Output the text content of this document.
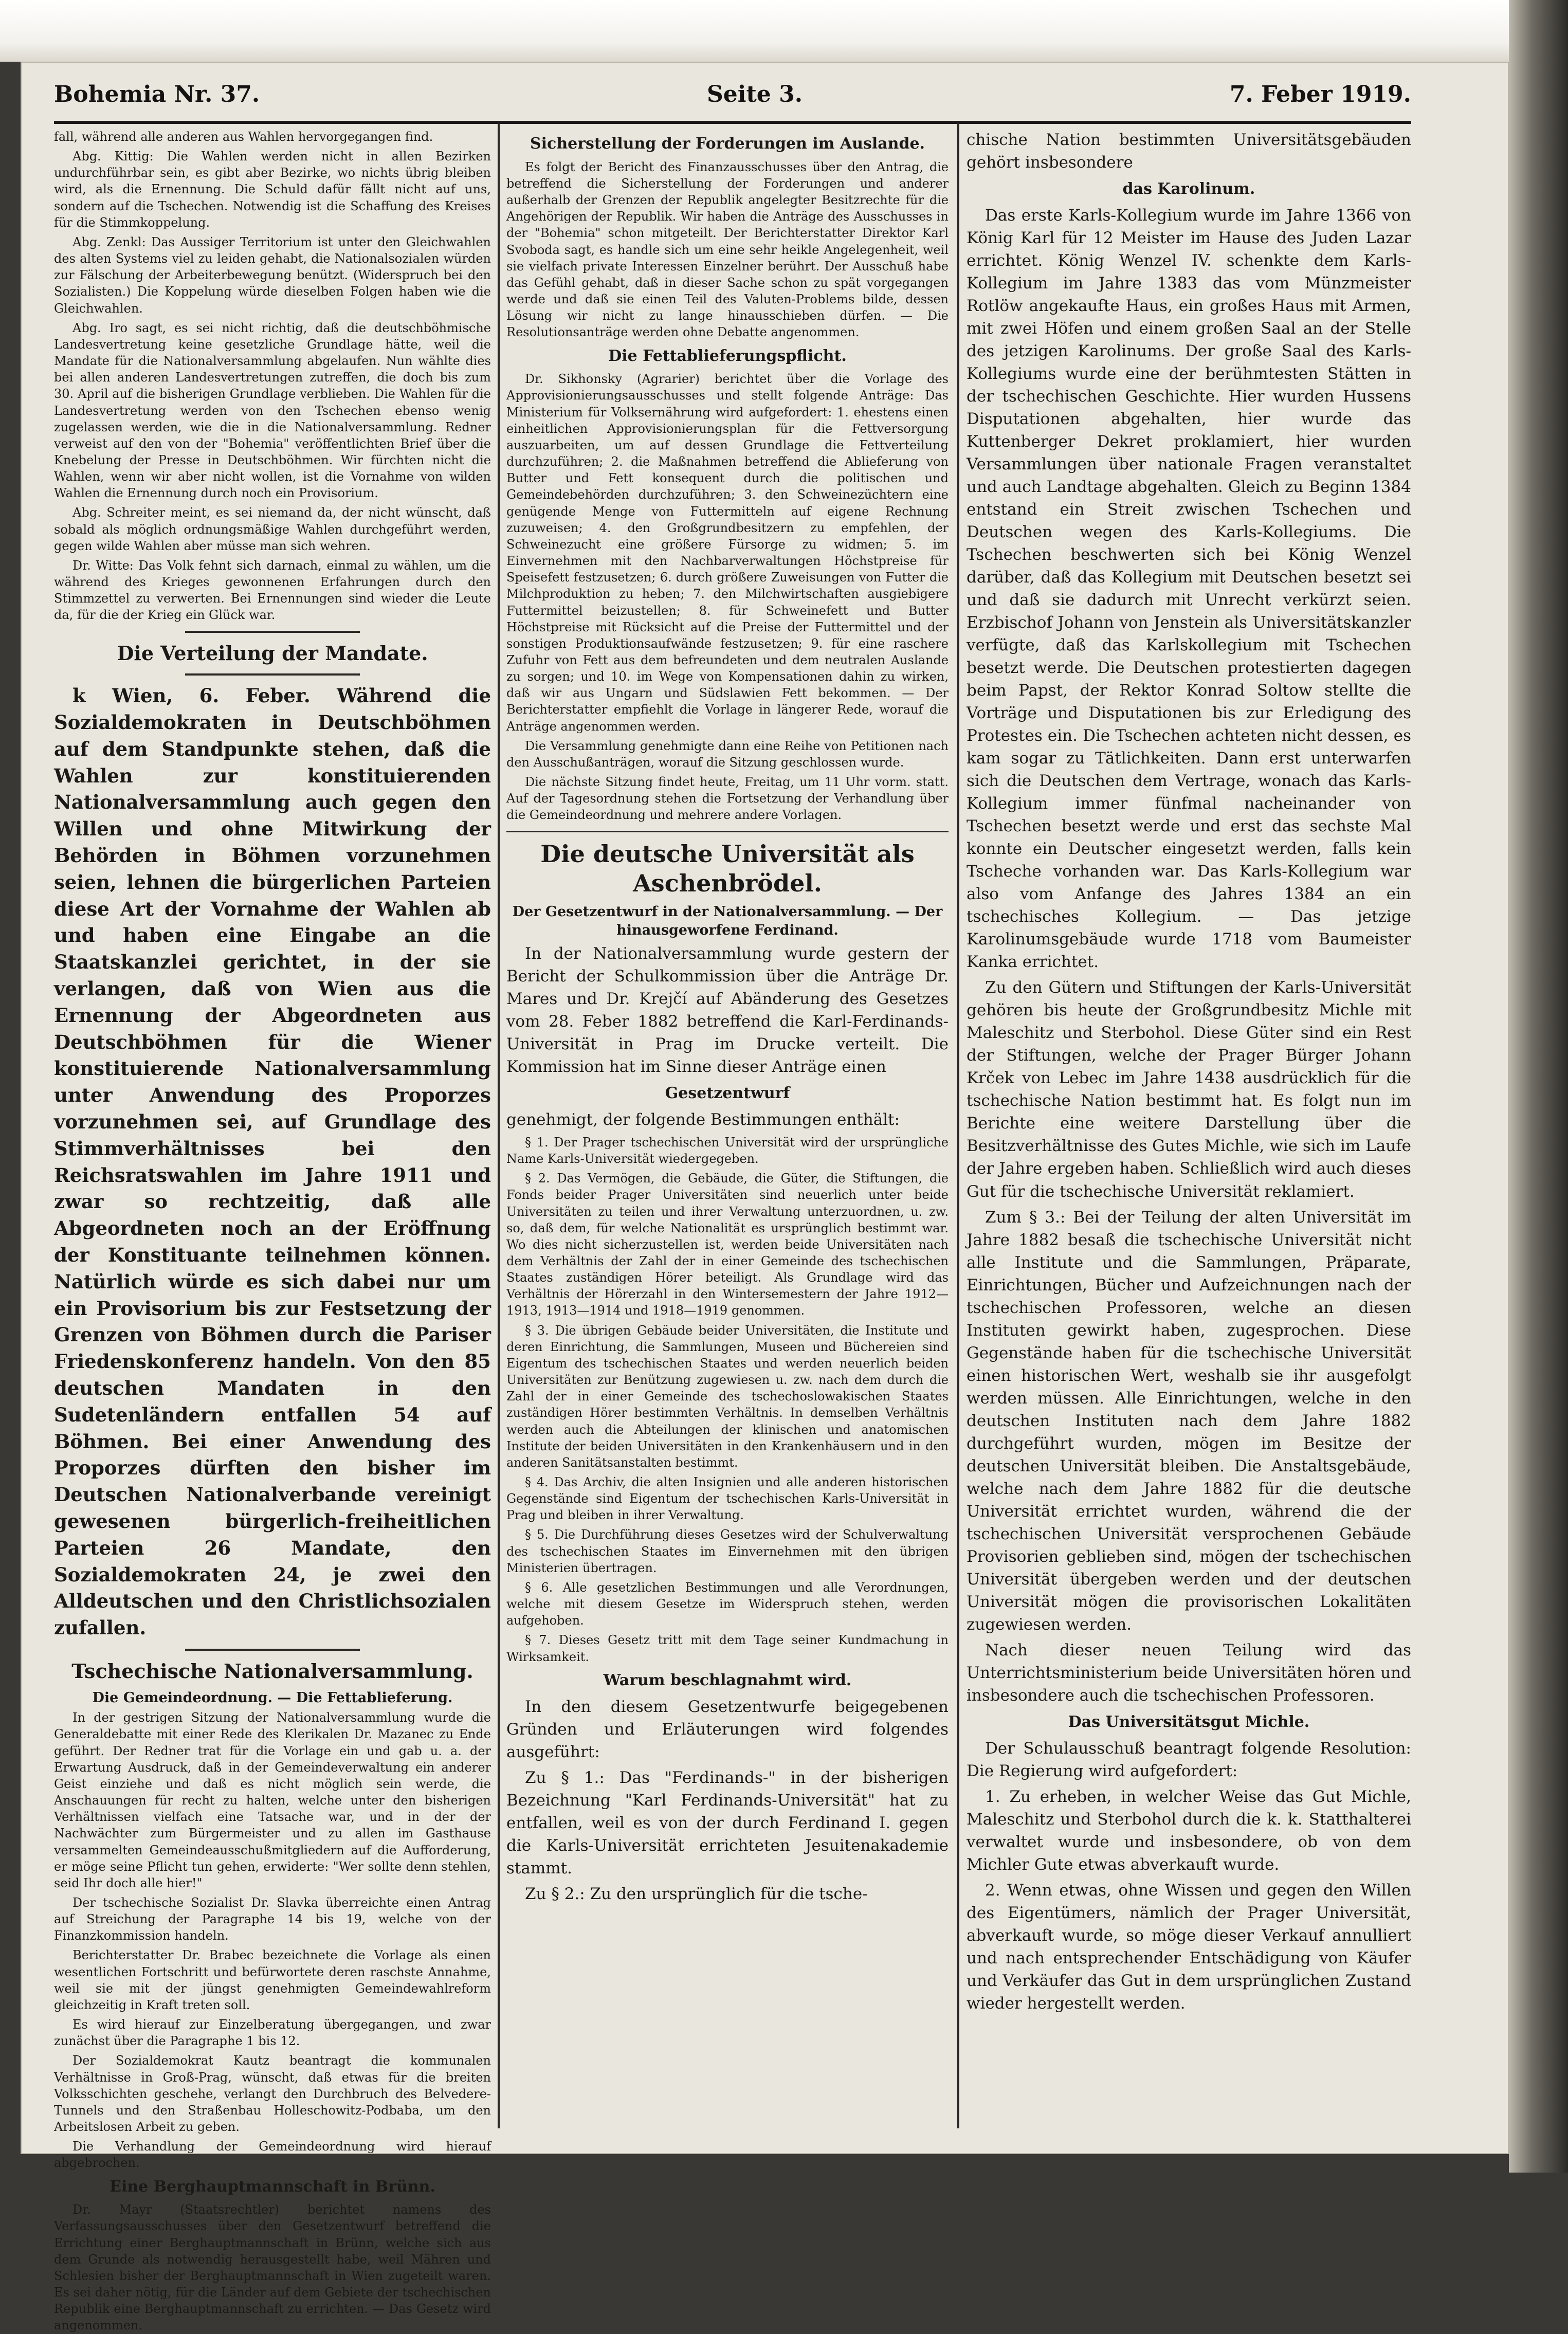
Bohemia Nr. 37.	Seite 3.	7. Feber 1919.

fall, während alle anderen aus Wahlen hervorgegangen find.

Abg. Kittig: Die Wahlen werden nicht in allen Bezirken undurchführbar sein, es gibt aber Bezirke, wo nichts übrig bleiben wird, als die Ernennung. Die Schuld dafür fällt nicht auf uns, sondern auf die Tschechen. Notwendig ist die Schaffung des Kreises für die Stimmkoppelung.

Abg. Zenkl: Das Aussiger Territorium ist unter den Gleichwahlen des alten Systems viel zu leiden gehabt, die Nationalsozialen würden zur Fälschung der Arbeiterbewegung benützt. (Widerspruch bei den Sozialisten.) Die Koppelung würde dieselben Folgen haben wie die Gleichwahlen.

Abg. Iro sagt, es sei nicht richtig, daß die deutschböhmische Landesvertretung keine gesetzliche Grundlage hätte, weil die Mandate für die Nationalversammlung abgelaufen. Nun wählte dies bei allen anderen Landesvertretungen zutreffen, die doch bis zum 30. April auf die bisherigen Grundlage verblieben. Die Wahlen für die Landesvertretung werden von den Tschechen ebenso wenig zugelassen werden, wie die in die Nationalversammlung. Redner verweist auf den von der "Bohemia" veröffentlichten Brief über die Knebelung der Presse in Deutschböhmen. Wir fürchten nicht die Wahlen, wenn wir aber nicht wollen, ist die Vornahme von wilden Wahlen die Ernennung durch noch ein Provisorium.

Abg. Schreiter meint, es sei niemand da, der nicht wünscht, daß sobald als möglich ordnungsmäßige Wahlen durchgeführt werden, gegen wilde Wahlen aber müsse man sich wehren.

Dr. Witte: Das Volk fehnt sich darnach, einmal zu wählen, um die während des Krieges gewonnenen Erfahrungen durch den Stimmzettel zu verwerten. Bei Ernennungen sind wieder die Leute da, für die der Krieg ein Glück war.

Die Verteilung der Mandate.

k Wien, 6. Feber. Während die Sozialdemokraten in Deutschböhmen auf dem Standpunkte stehen, daß die Wahlen zur konstituierenden Nationalversammlung auch gegen den Willen und ohne Mitwirkung der Behörden in Böhmen vorzunehmen seien, lehnen die bürgerlichen Parteien diese Art der Vornahme der Wahlen ab und haben eine Eingabe an die Staatskanzlei gerichtet, in der sie verlangen, daß von Wien aus die Ernennung der Abgeordneten aus Deutschböhmen für die Wiener konstituierende Nationalversammlung unter Anwendung des Proporzes vorzunehmen sei, auf Grundlage des Stimmverhältnisses bei den Reichsratswahlen im Jahre 1911 und zwar so rechtzeitig, daß alle Abgeordneten noch an der Eröffnung der Konstituante teilnehmen können. Natürlich würde es sich dabei nur um ein Provisorium bis zur Festsetzung der Grenzen von Böhmen durch die Pariser Friedenskonferenz handeln. Von den 85 deutschen Mandaten in den Sudetenländern entfallen 54 auf Böhmen. Bei einer Anwendung des Proporzes dürften den bisher im Deutschen Nationalverbande vereinigt gewesenen bürgerlich-freiheitlichen Parteien 26 Mandate, den Sozialdemokraten 24, je zwei den Alldeutschen und den Christlichsozialen zufallen.

Tschechische Nationalversammlung.
Die Gemeindeordnung. — Die Fettablieferung.

In der gestrigen Sitzung der Nationalversammlung wurde die Generaldebatte mit einer Rede des Klerikalen Dr. Mazanec zu Ende geführt. Der Redner trat für die Vorlage ein und gab u. a. der Erwartung Ausdruck, daß in der Gemeindeverwaltung ein anderer Geist einziehe und daß es nicht möglich sein werde, die Anschauungen für recht zu halten, welche unter den bisherigen Verhältnissen vielfach eine Tatsache war, und in der der Nachwächter zum Bürgermeister und zu allen im Gasthause versammelten Gemeindeausschußmitgliedern auf die Aufforderung, er möge seine Pflicht tun gehen, erwiderte: "Wer sollte denn stehlen, seid Ihr doch alle hier!"

Der tschechische Sozialist Dr. Slavka überreichte einen Antrag auf Streichung der Paragraphe 14 bis 19, welche von der Finanzkommission handeln.

Berichterstatter Dr. Brabec bezeichnete die Vorlage als einen wesentlichen Fortschritt und befürwortete deren raschste Annahme, weil sie mit der jüngst genehmigten Gemeindewahlreform gleichzeitig in Kraft treten soll.

Es wird hierauf zur Einzelberatung übergegangen, und zwar zunächst über die Paragraphe 1 bis 12.

Der Sozialdemokrat Kautz beantragt die kommunalen Verhältnisse in Groß-Prag, wünscht, daß etwas für die breiten Volksschichten geschehe, verlangt den Durchbruch des Belvedere-Tunnels und den Straßenbau Holleschowitz-Podbaba, um den Arbeitslosen Arbeit zu geben.

Die Verhandlung der Gemeindeordnung wird hierauf abgebrochen.

Eine Berghauptmannschaft in Brünn.

Dr. Mayr (Staatsrechtler) berichtet namens des Verfassungsausschusses über den Gesetzentwurf betreffend die Errichtung einer Berghauptmannschaft in Brünn, welche sich aus dem Grunde als notwendig herausgestellt habe, weil Mähren und Schlesien bisher der Berghauptmannschaft in Wien zugeteilt waren. Es sei daher nötig, für die Länder auf dem Gebiete der tschechischen Republik eine Berghauptmannschaft zu errichten. — Das Gesetz wird angenommen.

Sicherstellung der Forderungen im Auslande.

Es folgt der Bericht des Finanzausschusses über den Antrag, die betreffend die Sicherstellung der Forderungen und anderer außerhalb der Grenzen der Republik angelegter Besitzrechte für die Angehörigen der Republik. Wir haben die Anträge des Ausschusses in der "Bohemia" schon mitgeteilt. Der Berichterstatter Direktor Karl Svoboda sagt, es handle sich um eine sehr heikle Angelegenheit, weil sie vielfach private Interessen Einzelner berührt. Der Ausschuß habe das Gefühl gehabt, daß in dieser Sache schon zu spät vorgegangen werde und daß sie einen Teil des Valuten-Problems bilde, dessen Lösung wir nicht zu lange hinausschieben dürfen. — Die Resolutionsanträge werden ohne Debatte angenommen.

Die Fettablieferungspflicht.

Dr. Sikhonsky (Agrarier) berichtet über die Vorlage des Approvisionierungsausschusses und stellt folgende Anträge: Das Ministerium für Volksernährung wird aufgefordert: 1. ehestens einen einheitlichen Approvisionierungsplan für die Fettversorgung auszuarbeiten, um auf dessen Grundlage die Fettverteilung durchzuführen; 2. die Maßnahmen betreffend die Ablieferung von Butter und Fett konsequent durch die politischen und Gemeindebehörden durchzuführen; 3. den Schweinezüchtern eine genügende Menge von Futtermitteln auf eigene Rechnung zuzuweisen; 4. den Großgrundbesitzern zu empfehlen, der Schweinezucht eine größere Fürsorge zu widmen; 5. im Einvernehmen mit den Nachbarverwaltungen Höchstpreise für Speisefett festzusetzen; 6. durch größere Zuweisungen von Futter die Milchproduktion zu heben; 7. den Milchwirtschaften ausgiebigere Futtermittel beizustellen; 8. für Schweinefett und Butter Höchstpreise mit Rücksicht auf die Preise der Futtermittel und der sonstigen Produktionsaufwände festzusetzen; 9. für eine raschere Zufuhr von Fett aus dem befreundeten und dem neutralen Auslande zu sorgen; und 10. im Wege von Kompensationen dahin zu wirken, daß wir aus Ungarn und Südslawien Fett bekommen. — Der Berichterstatter empfiehlt die Vorlage in längerer Rede, worauf die Anträge angenommen werden.

Die Versammlung genehmigte dann eine Reihe von Petitionen nach den Ausschußanträgen, worauf die Sitzung geschlossen wurde.

Die nächste Sitzung findet heute, Freitag, um 11 Uhr vorm. statt. Auf der Tagesordnung stehen die Fortsetzung der Verhandlung über die Gemeindeordnung und mehrere andere Vorlagen.

Die deutsche Universität als Aschenbrödel.
Der Gesetzentwurf in der Nationalversammlung. — Der hinausgeworfene Ferdinand.

In der Nationalversammlung wurde gestern der Bericht der Schulkommission über die Anträge Dr. Mares und Dr. Krejčí auf Abänderung des Gesetzes vom 28. Feber 1882 betreffend die Karl-Ferdinands-Universität in Prag im Drucke verteilt. Die Kommission hat im Sinne dieser Anträge einen

Gesetzentwurf

genehmigt, der folgende Bestimmungen enthält:

§ 1. Der Prager tschechischen Universität wird der ursprüngliche Name Karls-Universität wiedergegeben.

§ 2. Das Vermögen, die Gebäude, die Güter, die Stiftungen, die Fonds beider Prager Universitäten sind neuerlich unter beide Universitäten zu teilen und ihrer Verwaltung unterzuordnen, u. zw. so, daß dem, für welche Nationalität es ursprünglich bestimmt war. Wo dies nicht sicherzustellen ist, werden beide Universitäten nach dem Verhältnis der Zahl der in einer Gemeinde des tschechischen Staates zuständigen Hörer beteiligt. Als Grundlage wird das Verhältnis der Hörerzahl in den Wintersemestern der Jahre 1912—1913, 1913—1914 und 1918—1919 genommen.

§ 3. Die übrigen Gebäude beider Universitäten, die Institute und deren Einrichtung, die Sammlungen, Museen und Büchereien sind Eigentum des tschechischen Staates und werden neuerlich beiden Universitäten zur Benützung zugewiesen u. zw. nach dem durch die Zahl der in einer Gemeinde des tschechoslowakischen Staates zuständigen Hörer bestimmten Verhältnis. In demselben Verhältnis werden auch die Abteilungen der klinischen und anatomischen Institute der beiden Universitäten in den Krankenhäusern und in den anderen Sanitätsanstalten bestimmt.

§ 4. Das Archiv, die alten Insignien und alle anderen historischen Gegenstände sind Eigentum der tschechischen Karls-Universität in Prag und bleiben in ihrer Verwaltung.

§ 5. Die Durchführung dieses Gesetzes wird der Schulverwaltung des tschechischen Staates im Einvernehmen mit den übrigen Ministerien übertragen.

§ 6. Alle gesetzlichen Bestimmungen und alle Verordnungen, welche mit diesem Gesetze im Widerspruch stehen, werden aufgehoben.

§ 7. Dieses Gesetz tritt mit dem Tage seiner Kundmachung in Wirksamkeit.

Warum beschlagnahmt wird.

In den diesem Gesetzentwurfe beigegebenen Gründen und Erläuterungen wird folgendes ausgeführt:

Zu § 1.: Das "Ferdinands-" in der bisherigen Bezeichnung "Karl Ferdinands-Universität" hat zu entfallen, weil es von der durch Ferdinand I. gegen die Karls-Universität errichteten Jesuitenakademie stammt.

Zu § 2.: Zu den ursprünglich für die tsche-

chische Nation bestimmten Universitätsgebäuden gehört insbesondere

das Karolinum.

Das erste Karls-Kollegium wurde im Jahre 1366 von König Karl für 12 Meister im Hause des Juden Lazar errichtet. König Wenzel IV. schenkte dem Karls-Kollegium im Jahre 1383 das vom Münzmeister Rotlöw angekaufte Haus, ein großes Haus mit Armen, mit zwei Höfen und einem großen Saal an der Stelle des jetzigen Karolinums. Der große Saal des Karls-Kollegiums wurde eine der berühmtesten Stätten in der tschechischen Geschichte. Hier wurden Hussens Disputationen abgehalten, hier wurde das Kuttenberger Dekret proklamiert, hier wurden Versammlungen über nationale Fragen veranstaltet und auch Landtage abgehalten. Gleich zu Beginn 1384 entstand ein Streit zwischen Tschechen und Deutschen wegen des Karls-Kollegiums. Die Tschechen beschwerten sich bei König Wenzel darüber, daß das Kollegium mit Deutschen besetzt sei und daß sie dadurch mit Unrecht verkürzt seien. Erzbischof Johann von Jenstein als Universitätskanzler verfügte, daß das Karlskollegium mit Tschechen besetzt werde. Die Deutschen protestierten dagegen beim Papst, der Rektor Konrad Soltow stellte die Vorträge und Disputationen bis zur Erledigung des Protestes ein. Die Tschechen achteten nicht dessen, es kam sogar zu Tätlichkeiten. Dann erst unterwarfen sich die Deutschen dem Vertrage, wonach das Karls-Kollegium immer fünfmal nacheinander von Tschechen besetzt werde und erst das sechste Mal konnte ein Deutscher eingesetzt werden, falls kein Tscheche vorhanden war. Das Karls-Kollegium war also vom Anfange des Jahres 1384 an ein tschechisches Kollegium. — Das jetzige Karolinumsgebäude wurde 1718 vom Baumeister Kanka errichtet.

Zu den Gütern und Stiftungen der Karls-Universität gehören bis heute der Großgrundbesitz Michle mit Maleschitz und Sterbohol. Diese Güter sind ein Rest der Stiftungen, welche der Prager Bürger Johann Krček von Lebec im Jahre 1438 ausdrücklich für die tschechische Nation bestimmt hat. Es folgt nun im Berichte eine weitere Darstellung über die Besitzverhältnisse des Gutes Michle, wie sich im Laufe der Jahre ergeben haben. Schließlich wird auch dieses Gut für die tschechische Universität reklamiert.

Zum § 3.: Bei der Teilung der alten Universität im Jahre 1882 besaß die tschechische Universität nicht alle Institute und die Sammlungen, Präparate, Einrichtungen, Bücher und Aufzeichnungen nach der tschechischen Professoren, welche an diesen Instituten gewirkt haben, zugesprochen. Diese Gegenstände haben für die tschechische Universität einen historischen Wert, weshalb sie ihr ausgefolgt werden müssen. Alle Einrichtungen, welche in den deutschen Instituten nach dem Jahre 1882 durchgeführt wurden, mögen im Besitze der deutschen Universität bleiben. Die Anstaltsgebäude, welche nach dem Jahre 1882 für die deutsche Universität errichtet wurden, während die der tschechischen Universität versprochenen Gebäude Provisorien geblieben sind, mögen der tschechischen Universität übergeben werden und der deutschen Universität mögen die provisorischen Lokalitäten zugewiesen werden.

Nach dieser neuen Teilung wird das Unterrichtsministerium beide Universitäten hören und insbesondere auch die tschechischen Professoren.

Das Universitätsgut Michle.

Der Schulausschuß beantragt folgende Resolution: Die Regierung wird aufgefordert:

1. Zu erheben, in welcher Weise das Gut Michle, Maleschitz und Sterbohol durch die k. k. Statthalterei verwaltet wurde und insbesondere, ob von dem Michler Gute etwas abverkauft wurde.

2. Wenn etwas, ohne Wissen und gegen den Willen des Eigentümers, nämlich der Prager Universität, abverkauft wurde, so möge dieser Verkauf annulliert und nach entsprechender Entschädigung von Käufer und Verkäufer das Gut in dem ursprünglichen Zustand wieder hergestellt werden.
